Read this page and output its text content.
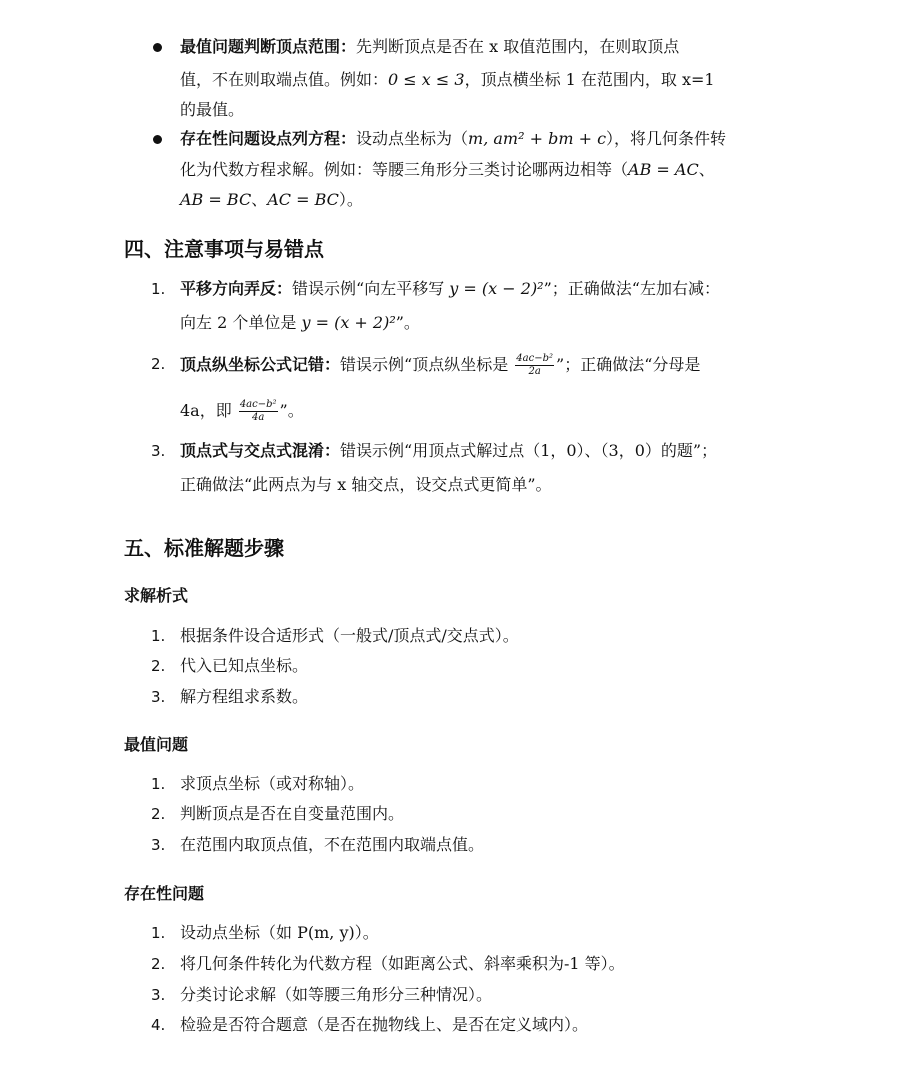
最值问题判断顶点范围：先判断顶点是否在 x 取值范围内，在则取顶点
值，不在则取端点值。例如：0 ≤ x ≤ 3，顶点横坐标 1 在范围内，取 x=1
的最值。
存在性问题设点列方程：设动点坐标为（m, am² + bm + c），将几何条件转
化为代数方程求解。例如：等腰三角形分三类讨论哪两边相等（AB = AC、
AB = BC、AC = BC）。
四、注意事项与易错点
1. 平移方向弄反：错误示例“向左平移写 y = (x − 2)²”；正确做法“左加右减：
向左 2 个单位是 y = (x + 2)²”。
2. 顶点纵坐标公式记错：错误示例“顶点纵坐标是 $\frac{\text{4ac−b²}}{2a}$ ”；正确做法“分母是
4a，即 $\frac{\text{4ac−b²}}{4a}$ ”。
3. 顶点式与交点式混淆：错误示例“用顶点式解过点（1，0）、（3，0）的题”；
正确做法“此两点为与 x 轴交点，设交点式更简单”。
五、标准解题步骤
求解析式
1. 根据条件设合适形式（一般式/顶点式/交点式）。
2. 代入已知点坐标。
3. 解方程组求系数。
最值问题
1. 求顶点坐标（或对称轴）。
2. 判断顶点是否在自变量范围内。
3. 在范围内取顶点值，不在范围内取端点值。
存在性问题
1. 设动点坐标（如 P(m, y)）。
2. 将几何条件转化为代数方程（如距离公式、斜率乘积为-1 等）。
3. 分类讨论求解（如等腰三角形分三种情况）。
4. 检验是否符合题意（是否在抛物线上、是否在定义域内）。
